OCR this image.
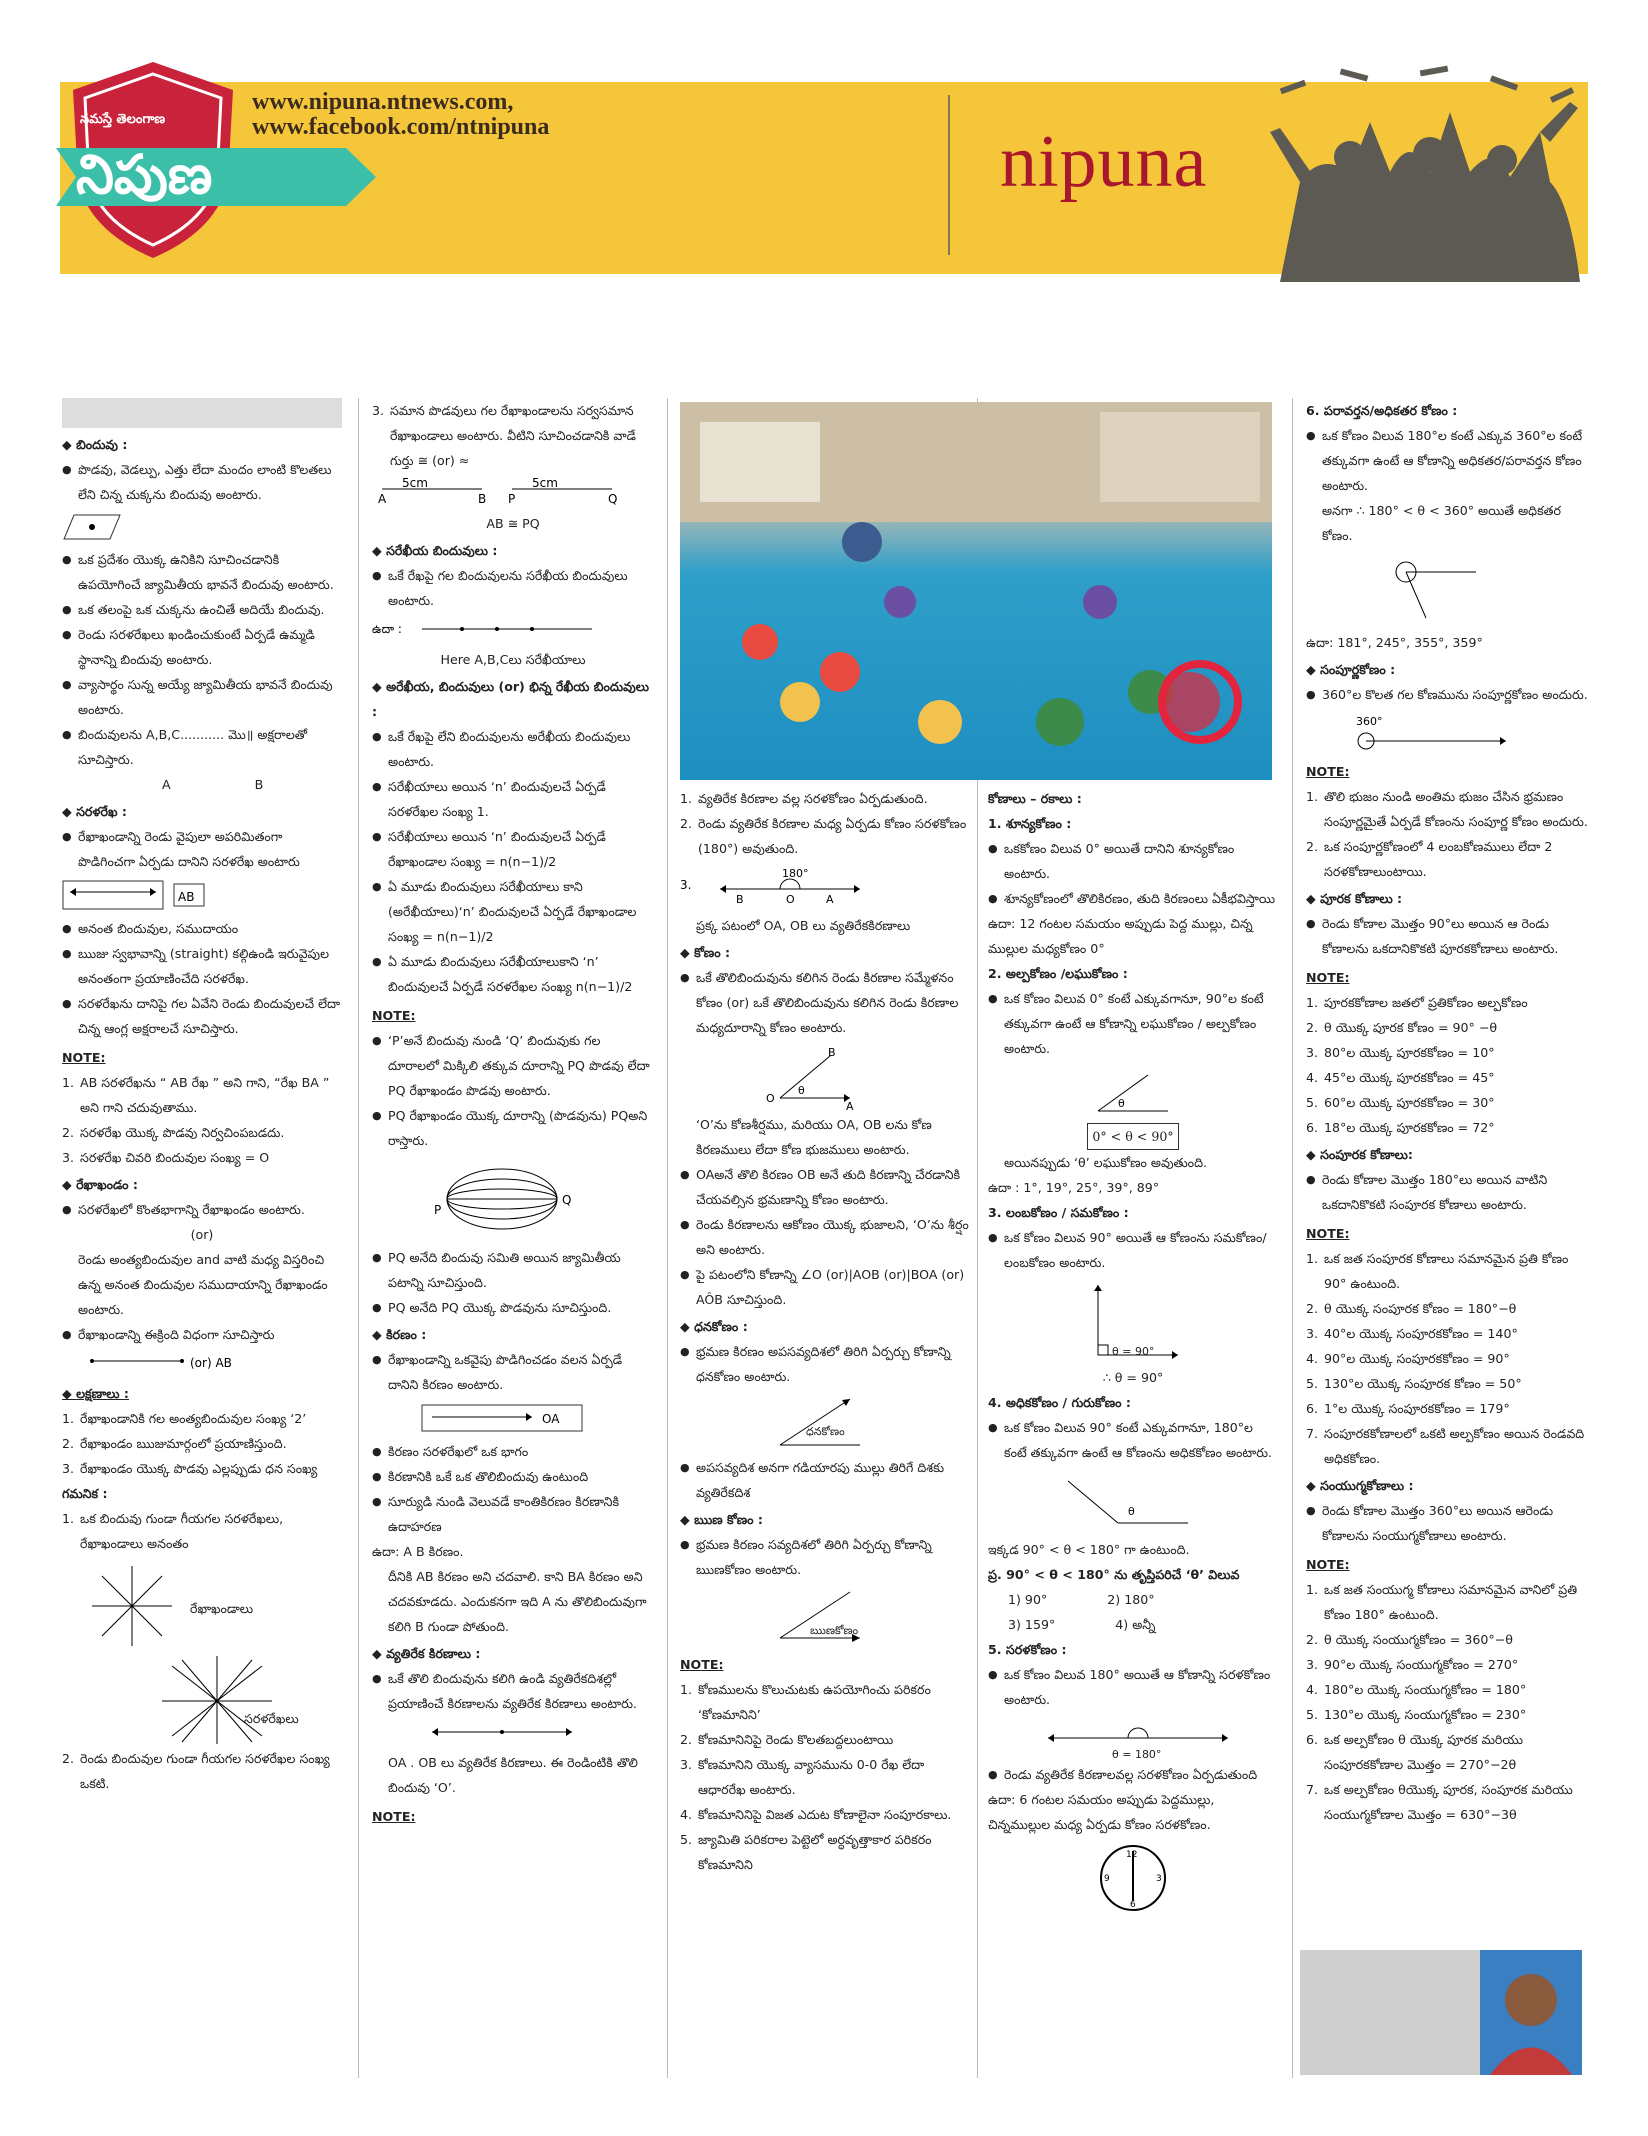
నమస్తే తెలంగాణ
నిపుణ
www.nipuna.ntnews.com,
www.facebook.com/ntnipuna	nipuna
◆ బిందువు :
● పొడవు, వెడల్పు, ఎత్తు లేదా మందం లాంటి కొలతలు లేని చిన్న చుక్కను బిందువు అంటారు.
● ఒక ప్రదేశం యొక్క ఉనికిని సూచించడానికి ఉపయోగించే జ్యామితీయ భావనే బిందువు అంటారు.
● ఒక తలంపై ఒక చుక్కను ఉంచితే అదియే బిందువు.
● రెండు సరళరేఖలు ఖండించుకుంటే ఏర్పడే ఉమ్మడి స్థానాన్ని బిందువు అంటారు.
● వ్యాసార్థం సున్న అయ్యే జ్యామితీయ భావనే బిందువు అంటారు.
● బిందువులను A,B,C........... మొ॥ అక్షరాలతో సూచిస్తారు.
A B
◆ సరళరేఖ :
● రేఖాఖండాన్ని రెండు వైపులా అపరిమితంగా పొడిగించగా ఏర్పడు దానిని సరళరేఖ అంటారు
AB
● అనంత బిందువుల, సముదాయం
● ఋజు స్వభావాన్ని (straight) కల్గిఉండి ఇరువైపుల అనంతంగా ప్రయాణించేది సరళరేఖ.
● సరళరేఖను దానిపై గల ఏవేని రెండు బిందువులచే లేదా చిన్న ఆంగ్ల అక్షరాలచే సూచిస్తారు.
NOTE:
1. AB సరళరేఖను “ AB రేఖ ” అని గాని, “రేఖ BA ” అని గాని చదువుతాము.
2. సరళరేఖ యొక్క పొడవు నిర్వచింపబడదు.
3. సరళరేఖ చివరి బిందువుల సంఖ్య = O
◆ రేఖాఖండం :
● సరళరేఖలో కొంతభాగాన్ని రేఖాఖండం అంటారు.
(or)
రెండు అంత్యబిందువుల and వాటి మధ్య విస్తరించి ఉన్న అనంత బిందువుల సముదాయాన్ని రేఖాఖండం అంటారు.
● రేఖాఖండాన్ని ఈక్రింది విధంగా సూచిస్తారు
(or) AB
◆ లక్షణాలు :
1. రేఖాఖండానికి గల అంత్యబిందువుల సంఖ్య ‘2’
2. రేఖాఖండం ఋజుమార్గంలో ప్రయాణిస్తుంది.
3. రేఖాఖండం యొక్క పొడవు ఎల్లప్పుడు ధన సంఖ్య
గమనిక :
1. ఒక బిందువు గుండా గీయగల సరళరేఖలు, రేఖాఖండాలు అనంతం
రేఖాఖండాలు
సరళరేఖలు
2. రెండు బిందువుల గుండా గీయగల సరళరేఖల సంఖ్య ఒకటి.
3. సమాన పొడవులు గల రేఖాఖండాలను సర్వసమాన రేఖాఖండాలు అంటారు. వీటిని సూచించడానికి వాడే గుర్తు ≅ (or) ≈
5cm	5cm
A	B P	Q
AB ≅ PQ
◆ సరేఖీయ బిందువులు :
● ఒకే రేఖపై గల బిందువులను సరేఖీయ బిందువులు అంటారు.
ఉదా :
Here A,B,Cలు సరేఖీయాలు
◆ అరేఖీయ, బిందువులు (or) భిన్న రేఖీయ బిందువులు :
● ఒకే రేఖపై లేని బిందువులను అరేఖీయ బిందువులు అంటారు.
● సరేఖీయాలు అయిన ‘n’ బిందువులచే ఏర్పడే సరళరేఖల సంఖ్య 1.
● సరేఖీయాలు అయిన ‘n’ బిందువులచే ఏర్పడే రేఖాఖండాల సంఖ్య = n(n−1)/2
● ఏ మూడు బిందువులు సరేఖీయాలు కాని (అరేఖీయాలు)‘n’ బిందువులచే ఏర్పడే రేఖాఖండాల సంఖ్య = n(n−1)/2
● ఏ మూడు బిందువులు సరేఖీయాలుకాని ‘n’ బిందువులచే ఏర్పడే సరళరేఖల సంఖ్య n(n−1)/2
NOTE:
● ‘P’అనే బిందువు నుండి ‘Q’ బిందువుకు గల దూరాలలో మిక్కిలి తక్కువ దూరాన్ని PQ పొడవు లేదా PQ రేఖాఖండం పొడవు అంటారు.
● PQ రేఖాఖండం యొక్క దూరాన్ని (పొడవును) PQఅని రాస్తారు.
P
Q
● PQ అనేది బిందువు సమితి అయిన జ్యామితీయ పటాన్ని సూచిస్తుంది.
● PQ అనేది PQ యొక్క పొడవును సూచిస్తుంది.
◆ కిరణం :
● రేఖాఖండాన్ని ఒకవైపు పొడిగించడం వలన ఏర్పడే దానిని కిరణం అంటారు.
OA
● కిరణం సరళరేఖలో ఒక భాగం
● కిరణానికి ఒకే ఒక తొలిబిందువు ఉంటుంది
● సూర్యుడి నుండి వెలువడే కాంతికిరణం కిరణానికి ఉదాహరణ
ఉదా: A B కిరణం.
దీనికి AB కిరణం అని చదవాలి. కాని BA కిరణం అని చదవకూడదు. ఎందుకనగా ఇది A ను తొలిబిందువుగా కలిగి B గుండా పోతుంది.
◆ వ్యతిరేక కిరణాలు :
● ఒకే తొలి బిందువును కలిగి ఉండి వ్యతిరేకదిశల్లో ప్రయాణించే కిరణాలను వ్యతిరేక కిరణాలు అంటారు.
OA . OB లు వ్యతిరేక కిరణాలు. ఈ రెండింటికి తొలి బిందువు ‘O’.
NOTE:
1. వ్యతిరేక కిరణాల వల్ల సరళకోణం ఏర్పడుతుంది.
2. రెండు వ్యతిరేక కిరణాల మధ్య ఏర్పడు కోణం సరళకోణం (180°) అవుతుంది.
3.
180°
B	O	A
ప్రక్క పటంలో OA, OB లు వ్యతిరేకకిరణాలు
◆ కోణం :
● ఒకే తొలిబిందువును కలిగిన రెండు కిరణాల సమ్మేళనం కోణం (or) ఒకే తొలిబిందువును కలిగిన రెండు కిరణాల మధ్యదూరాన్ని కోణం అంటారు.
O
B
A
θ
‘O’ను కోణశీర్షము, మరియు OA, OB లను కోణ కిరణములు లేదా కోణ భుజములు అంటారు.
● OAఅనే తొలి కిరణం OB అనే తుది కిరణాన్ని చేరడానికి చేయవల్సిన భ్రమణాన్ని కోణం అంటారు.
● రెండు కిరణాలను ఆకోణం యొక్క భుజాలని, ‘O’ను శీర్షం అని అంటారు.
● పై పటంలోని కోణాన్ని ∠O (or)|AOB (or)|BOA (or) AÔB సూచిస్తుంది.
◆ ధనకోణం :
● భ్రమణ కిరణం అపసవ్యదిశలో తిరిగి ఏర్పర్చు కోణాన్ని ధనకోణం అంటారు.
ధనకోణం
● అపసవ్యదిశ అనగా గడియారపు ముల్లు తిరిగే దిశకు వ్యతిరేకదిశ
◆ ఋణ కోణం :
● భ్రమణ కిరణం సవ్యదిశలో తిరిగి ఏర్పర్చు కోణాన్ని ఋణకోణం అంటారు.
ఋణకోణం
NOTE:
1. కోణములను కొలుచుటకు ఉపయోగించు పరికరం ‘కోణమానిని’
2. కోణమానినిపై రెండు కొలతబద్దలుంటాయి
3. కోణమానిని యొక్క వ్యాసమును 0-0 రేఖ లేదా ఆధారరేఖ అంటారు.
4. కోణమానినిపై విజత ఎదుట కోణాలైనా సంపూరకాలు.
5. జ్యామితి పరికరాల పెట్టెలో అర్ధవృత్తాకార పరికరం కోణమానిని
కోణాలు – రకాలు :
1. శూన్యకోణం :
● ఒకకోణం విలువ 0° అయితే దానిని శూన్యకోణం అంటారు.
● శూన్యకోణంలో తొలికిరణం, తుది కిరణంలు ఏకీభవిస్తాయి
ఉదా: 12 గంటల సమయం అప్పుడు పెద్ద ముల్లు, చిన్న ముల్లుల మధ్యకోణం 0°
2. అల్పకోణం /లఘుకోణం :
● ఒక కోణం విలువ 0° కంటే ఎక్కువగానూ, 90°ల కంటే తక్కువగా ఉంటే ఆ కోణాన్ని లఘుకోణం / అల్పకోణం అంటారు.
θ
0° < θ < 90°
అయినప్పుడు ‘θ’ లఘుకోణం అవుతుంది.
ఉదా : 1°, 19°, 25°, 39°, 89°
3. లంబకోణం / సమకోణం :
● ఒక కోణం విలువ 90° అయితే ఆ కోణంను సమకోణం/లంబకోణం అంటారు.
θ = 90°
∴ θ = 90°
4. అధికకోణం / గురుకోణం :
● ఒక కోణం విలువ 90° కంటే ఎక్కువగానూ, 180°ల కంటే తక్కువగా ఉంటే ఆ కోణంను అధికకోణం అంటారు.
θ
ఇక్కడ 90° < θ < 180° గా ఉంటుంది.
ప్ర. 90° < θ < 180° ను తృప్తిపరిచే ‘θ’ విలువ
1) 90°	2) 180°
3) 159°	4) అన్నీ
5. సరళకోణం :
● ఒక కోణం విలువ 180° అయితే ఆ కోణాన్ని సరళకోణం అంటారు.
θ = 180°
● రెండు వ్యతిరేక కిరణాలవల్ల సరళకోణం ఏర్పడుతుంది
ఉదా: 6 గంటల సమయం అప్పుడు పెద్దముల్లు, చిన్నముల్లుల మధ్య ఏర్పడు కోణం సరళకోణం.
12
6
9	3
6. పరావర్తన/అధికతర కోణం :
● ఒక కోణం విలువ 180°ల కంటే ఎక్కువ 360°ల కంటే తక్కువగా ఉంటే ఆ కోణాన్ని అధికతర/పరావర్తన కోణం అంటారు.
అనగా ∴ 180° < θ < 360° అయితే అధికతర కోణం.
ఉదా: 181°, 245°, 355°, 359°
◆ సంపూర్ణకోణం :
● 360°ల కొలత గల కోణమును సంపూర్ణకోణం అందురు.
360°
NOTE:
1. తొలి భుజం నుండి అంతిమ భుజం చేసిన భ్రమణం సంపూర్ణమైతే ఏర్పడే కోణంను సంపూర్ణ కోణం అందురు.
2. ఒక సంపూర్ణకోణంలో 4 లంబకోణములు లేదా 2 సరళకోణాలుంటాయి.
◆ పూరక కోణాలు :
● రెండు కోణాల మొత్తం 90°లు అయిన ఆ రెండు కోణాలను ఒకదానికొకటి పూరకకోణాలు అంటారు.
NOTE:
1. పూరకకోణాల జతలో ప్రతికోణం అల్పకోణం
2. θ యొక్క పూరక కోణం = 90° −θ
3. 80°ల యొక్క పూరకకోణం = 10°
4. 45°ల యొక్క పూరకకోణం = 45°
5. 60°ల యొక్క పూరకకోణం = 30°
6. 18°ల యొక్క పూరకకోణం = 72°
◆ సంపూరక కోణాలు:
● రెండు కోణాల మొత్తం 180°లు అయిన వాటిని ఒకదానికొకటి సంపూరక కోణాలు అంటారు.
NOTE:
1. ఒక జత సంపూరక కోణాలు సమానమైన ప్రతి కోణం 90° ఉంటుంది.
2. θ యొక్క సంపూరక కోణం = 180°−θ
3. 40°ల యొక్క సంపూరకకోణం = 140°
4. 90°ల యొక్క సంపూరకకోణం = 90°
5. 130°ల యొక్క సంపూరక కోణం = 50°
6. 1°ల యొక్క సంపూరకకోణం = 179°
7. సంపూరకకోణాలలో ఒకటి అల్పకోణం అయిన రెండవది అధికకోణం.
◆ సంయుగ్మకోణాలు :
● రెండు కోణాల మొత్తం 360°లు అయిన ఆరెండు కోణాలను సంయుగ్మకోణాలు అంటారు.
NOTE:
1. ఒక జత సంయుగ్మ కోణాలు సమానమైన వానిలో ప్రతి కోణం 180° ఉంటుంది.
2. θ యొక్క సంయుగ్మకోణం = 360°−θ
3. 90°ల యొక్క సంయుగ్మకోణం = 270°
4. 180°ల యొక్క సంయుగ్మకోణం = 180°
5. 130°ల యొక్క సంయుగ్మకోణం = 230°
6. ఒక అల్పకోణం θ యొక్క పూరక మరియు సంపూరకకోణాల మొత్తం = 270°−2θ
7. ఒక అల్పకోణం θయొక్క పూరక, సంపూరక మరియు సంయుగ్మకోణాల మొత్తం = 630°−3θ
